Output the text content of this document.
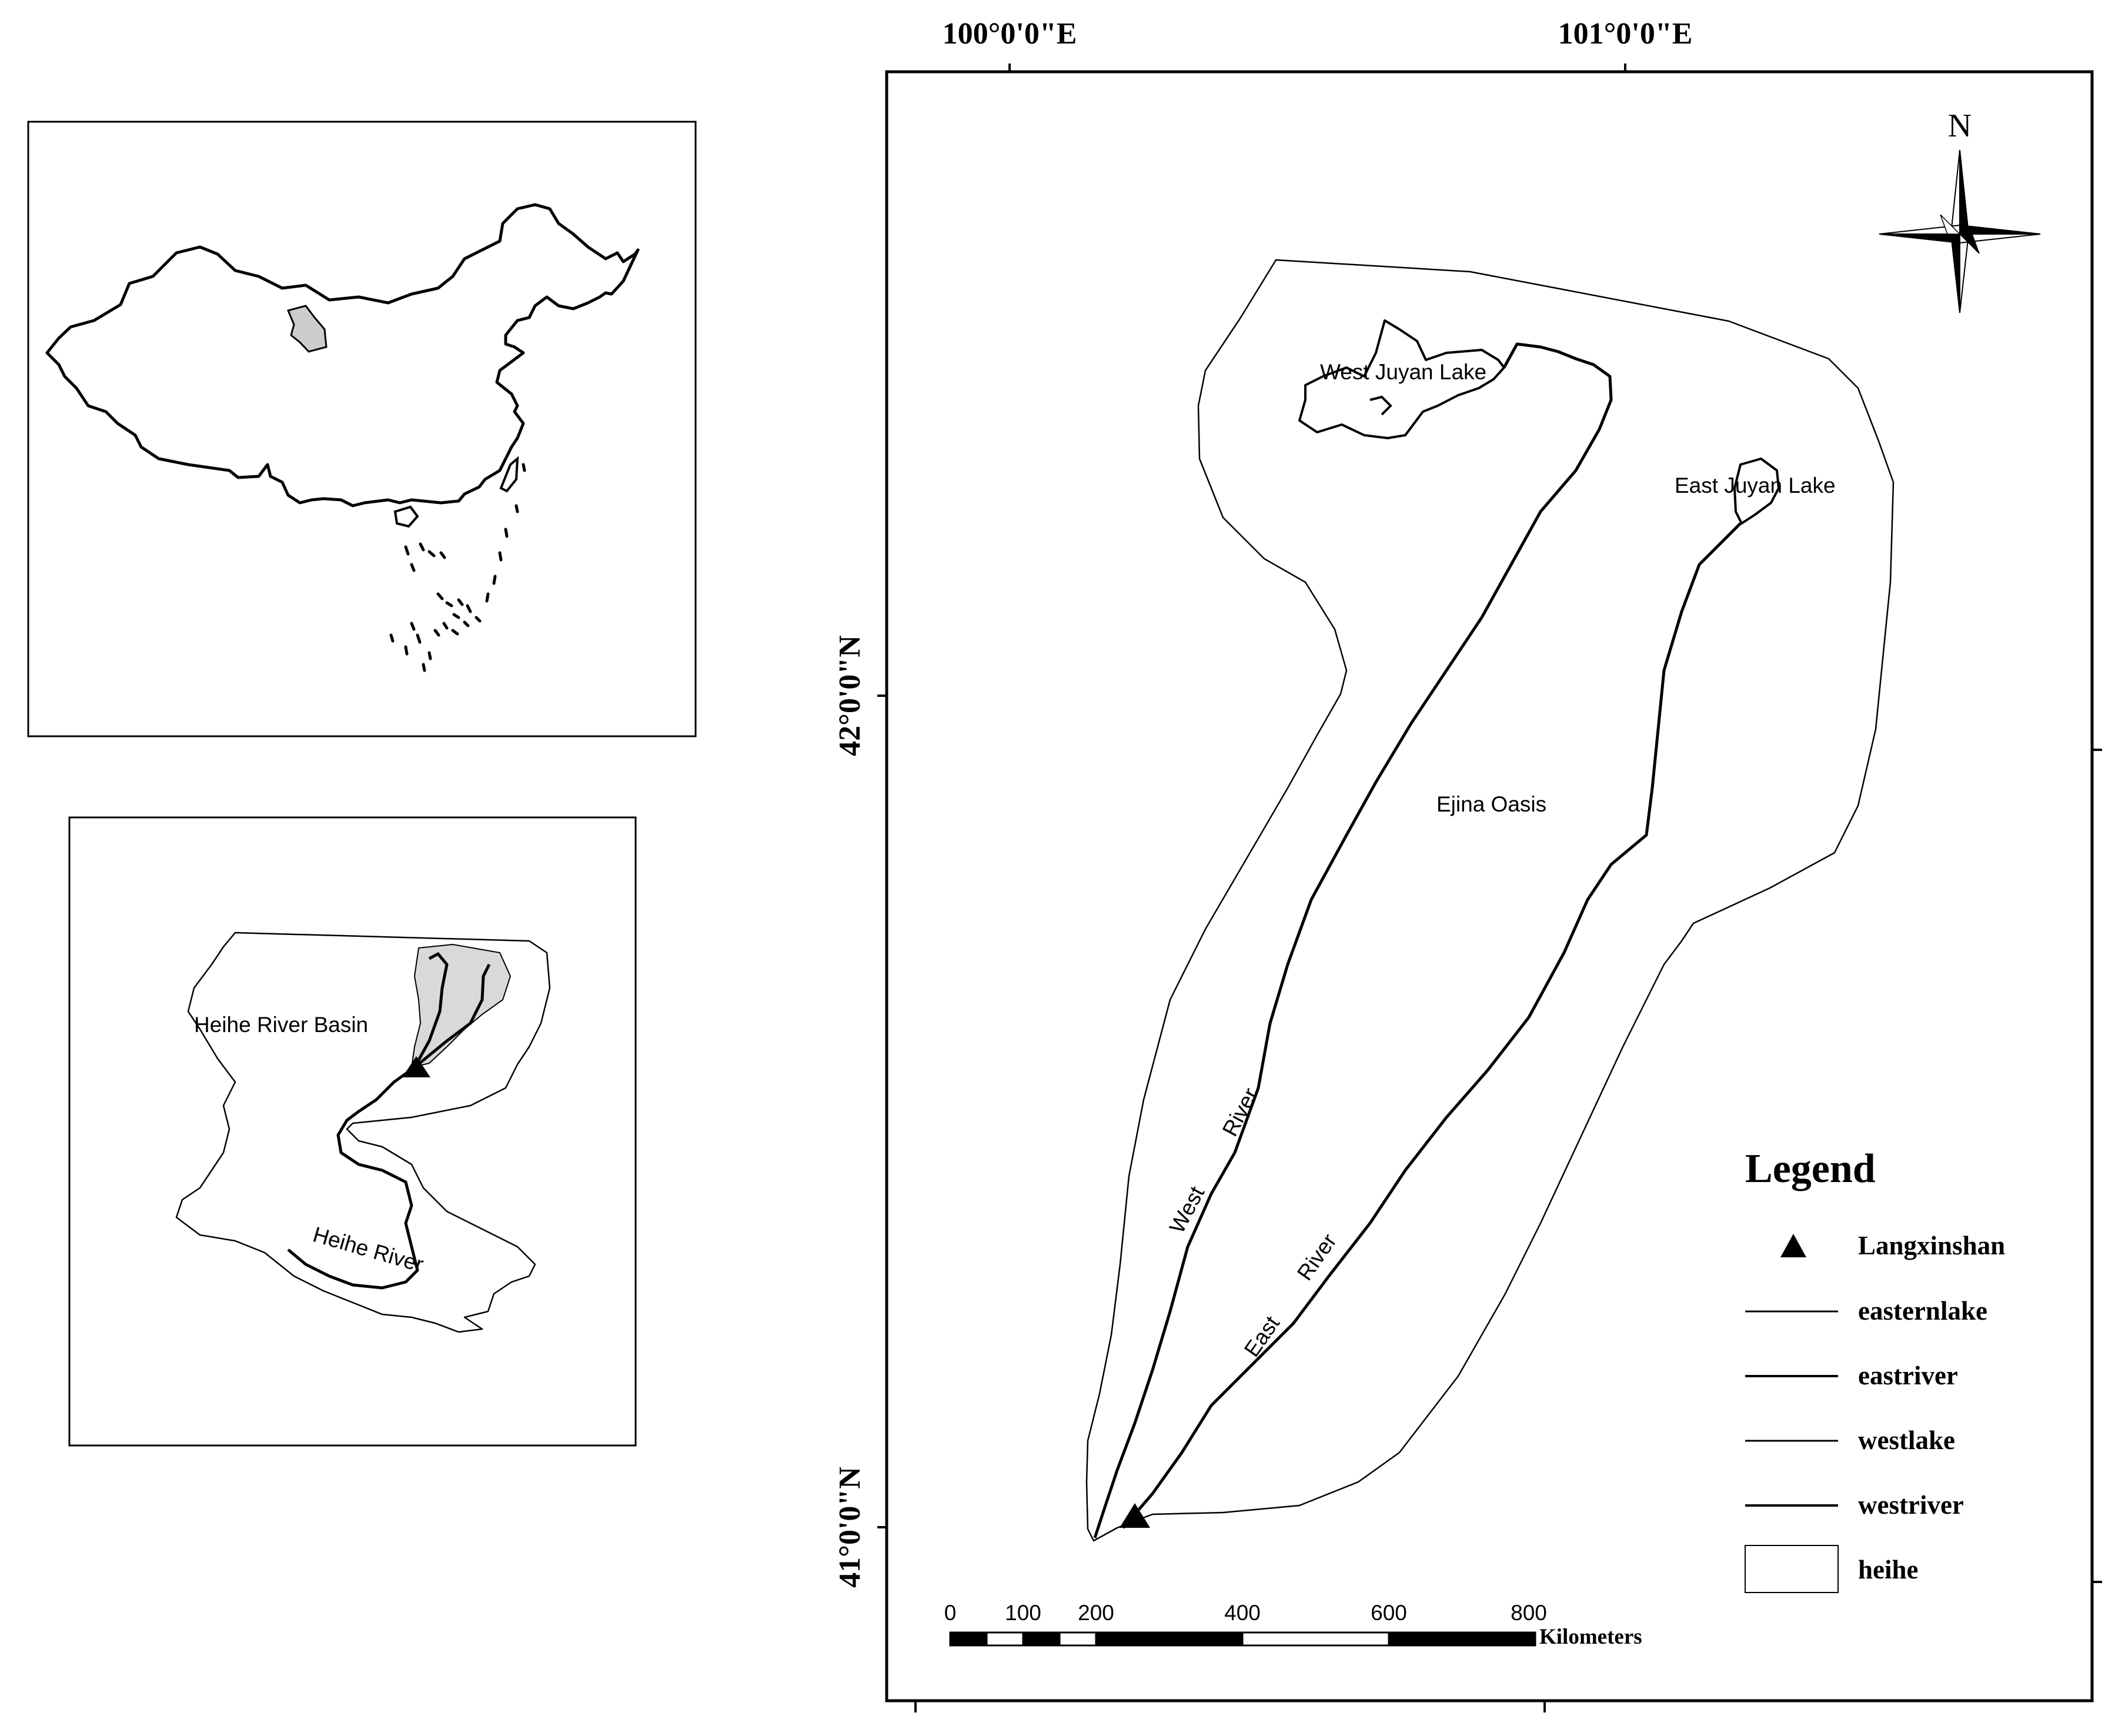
Heihe River Basin
Heihe River
100°0'0"E	101°0'0"E
42°0'0"N
41°0'0"N
West Juyan Lake
East Juyan Lake
Ejina Oasis
West
River
East
River
N
0 100 200	400	600	800
Kilometers
Legend
Langxinshan
easternlake
eastriver
westlake
westriver
heihe
